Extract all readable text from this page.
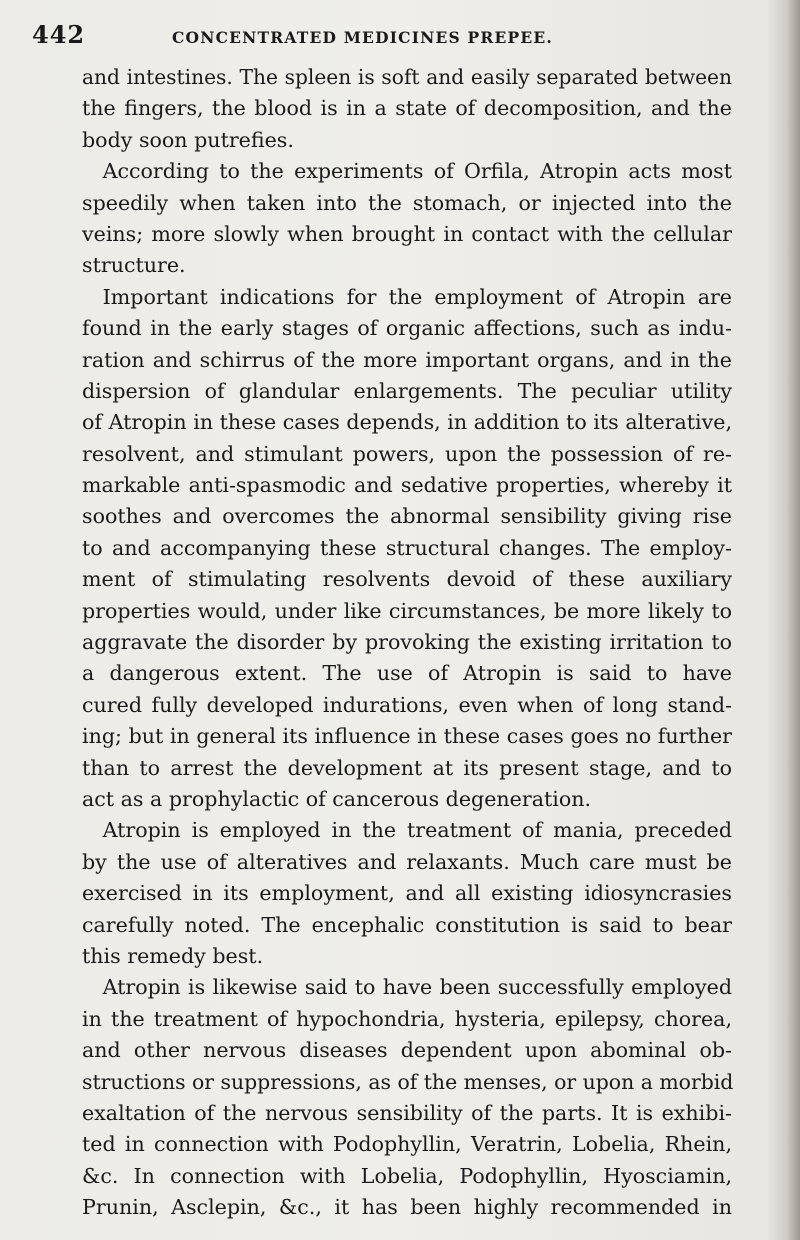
442	CONCENTRATED MEDICINES PREPEE.
and intestines. The spleen is soft and easily separated between
the fingers, the blood is in a state of decomposition, and the
body soon putrefies.
 According to the experiments of Orfila, Atropin acts most
speedily when taken into the stomach, or injected into the
veins; more slowly when brought in contact with the cellular
structure.
 Important indications for the employment of Atropin are
found in the early stages of organic affections, such as indu-
ration and schirrus of the more important organs, and in the
dispersion of glandular enlargements. The peculiar utility
of Atropin in these cases depends, in addition to its alterative,
resolvent, and stimulant powers, upon the possession of re-
markable anti-spasmodic and sedative properties, whereby it
soothes and overcomes the abnormal sensibility giving rise
to and accompanying these structural changes. The employ-
ment of stimulating resolvents devoid of these auxiliary
properties would, under like circumstances, be more likely to
aggravate the disorder by provoking the existing irritation to
a dangerous extent. The use of Atropin is said to have
cured fully developed indurations, even when of long stand-
ing; but in general its influence in these cases goes no further
than to arrest the development at its present stage, and to
act as a prophylactic of cancerous degeneration.
 Atropin is employed in the treatment of mania, preceded
by the use of alteratives and relaxants. Much care must be
exercised in its employment, and all existing idiosyncrasies
carefully noted. The encephalic constitution is said to bear
this remedy best.
 Atropin is likewise said to have been successfully employed
in the treatment of hypochondria, hysteria, epilepsy, chorea,
and other nervous diseases dependent upon abominal ob-
structions or suppressions, as of the menses, or upon a morbid
exaltation of the nervous sensibility of the parts. It is exhibi-
ted in connection with Podophyllin, Veratrin, Lobelia, Rhein,
&c. In connection with Lobelia, Podophyllin, Hyosciamin,
Prunin, Asclepin, &c., it has been highly recommended in
